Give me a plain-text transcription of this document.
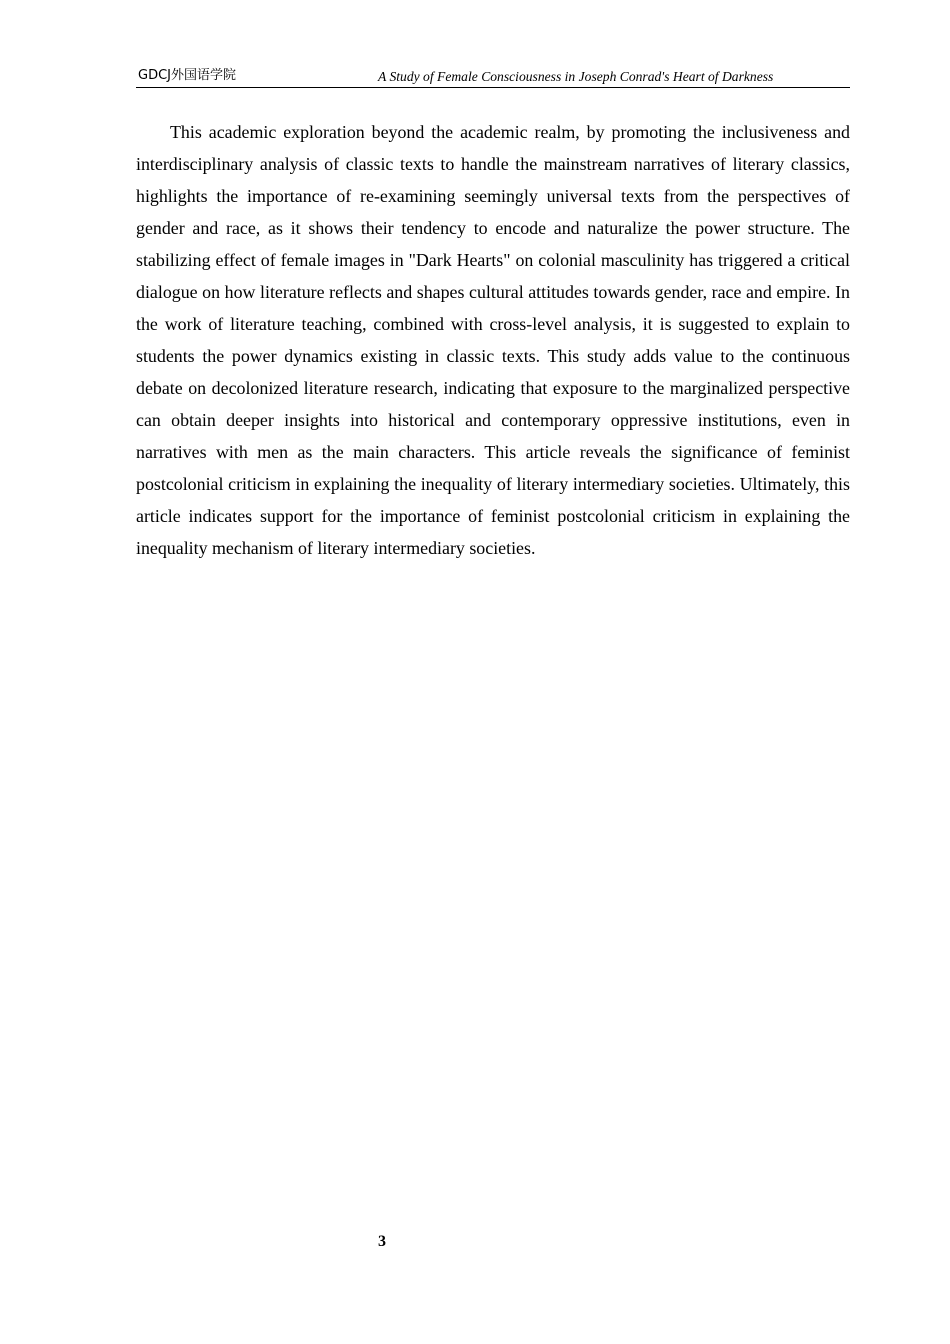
GDCJ外国语学院	A Study of Female Consciousness in Joseph Conrad's Heart of Darkness

This academic exploration beyond the academic realm, by promoting the inclusiveness and interdisciplinary analysis of classic texts to handle the mainstream narratives of literary classics, highlights the importance of re-examining seemingly universal texts from the perspectives of gender and race, as it shows their tendency to encode and naturalize the power structure. The stabilizing effect of female images in "Dark Hearts" on colonial masculinity has triggered a critical dialogue on how literature reflects and shapes cultural attitudes towards gender, race and empire. In the work of literature teaching, combined with cross-level analysis, it is suggested to explain to students the power dynamics existing in classic texts. This study adds value to the continuous debate on decolonized literature research, indicating that exposure to the marginalized perspective can obtain deeper insights into historical and contemporary oppressive institutions, even in narratives with men as the main characters. This article reveals the significance of feminist postcolonial criticism in explaining the inequality of literary intermediary societies. Ultimately, this article indicates support for the importance of feminist postcolonial criticism in explaining the inequality mechanism of literary intermediary societies.

3
